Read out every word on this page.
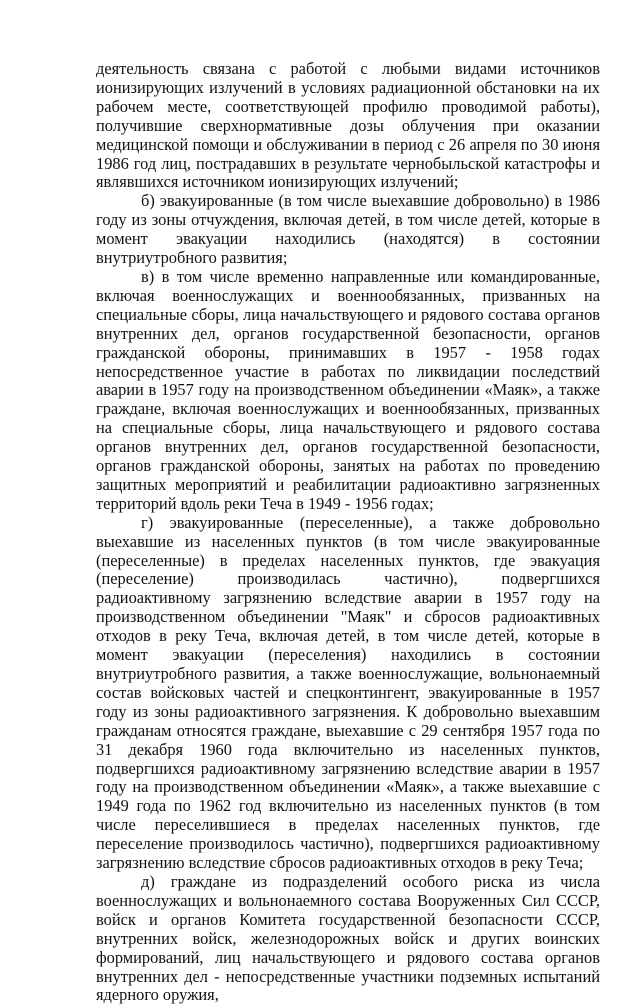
деятельность связана с работой с любыми видами источников ионизирующих излучений в условиях радиационной обстановки на их рабочем месте, соответствующей профилю проводимой работы), получившие сверхнормативные дозы облучения при оказании медицинской помощи и обслуживании в период с 26 апреля по 30 июня 1986 год лиц, пострадавших в результате чернобыльской катастрофы и являвшихся источником ионизирующих излучений;

б) эвакуированные (в том числе выехавшие добровольно) в 1986 году из зоны отчуждения, включая детей, в том числе детей, которые в момент эвакуации находились (находятся) в состоянии внутриутробного развития;

в) в том числе временно направленные или командированные, включая военнослужащих и военнообязанных, призванных на специальные сборы, лица начальствующего и рядового состава органов внутренних дел, органов государственной безопасности, органов гражданской обороны, принимавших в 1957 - 1958 годах непосредственное участие в работах по ликвидации последствий аварии в 1957 году на производственном объединении «Маяк», а также граждане, включая военнослужащих и военнообязанных, призванных на специальные сборы, лица начальствующего и рядового состава органов внутренних дел, органов государственной безопасности, органов гражданской обороны, занятых на работах по проведению защитных мероприятий и реабилитации радиоактивно загрязненных территорий вдоль реки Теча в 1949 - 1956 годах;

г) эвакуированные (переселенные), а также добровольно выехавшие из населенных пунктов (в том числе эвакуированные (переселенные) в пределах населенных пунктов, где эвакуация (переселение) производилась частично), подвергшихся радиоактивному загрязнению вследствие аварии в 1957 году на производственном объединении "Маяк" и сбросов радиоактивных отходов в реку Теча, включая детей, в том числе детей, которые в момент эвакуации (переселения) находились в состоянии внутриутробного развития, а также военнослужащие, вольнонаемный состав войсковых частей и спецконтингент, эвакуированные в 1957 году из зоны радиоактивного загрязнения. К добровольно выехавшим гражданам относятся граждане, выехавшие с 29 сентября 1957 года по 31 декабря 1960 года включительно из населенных пунктов, подвергшихся радиоактивному загрязнению вследствие аварии в 1957 году на производственном объединении «Маяк», а также выехавшие с 1949 года по 1962 год включительно из населенных пунктов (в том числе переселившиеся в пределах населенных пунктов, где переселение производилось частично), подвергшихся радиоактивному загрязнению вследствие сбросов радиоактивных отходов в реку Теча;

д) граждане из подразделений особого риска из числа военнослужащих и вольнонаемного состава Вооруженных Сил СССР, войск и органов Комитета государственной безопасности СССР, внутренних войск, железнодорожных войск и других воинских формирований, лиц начальствующего и рядового состава органов внутренних дел - непосредственные участники подземных испытаний ядерного оружия,
